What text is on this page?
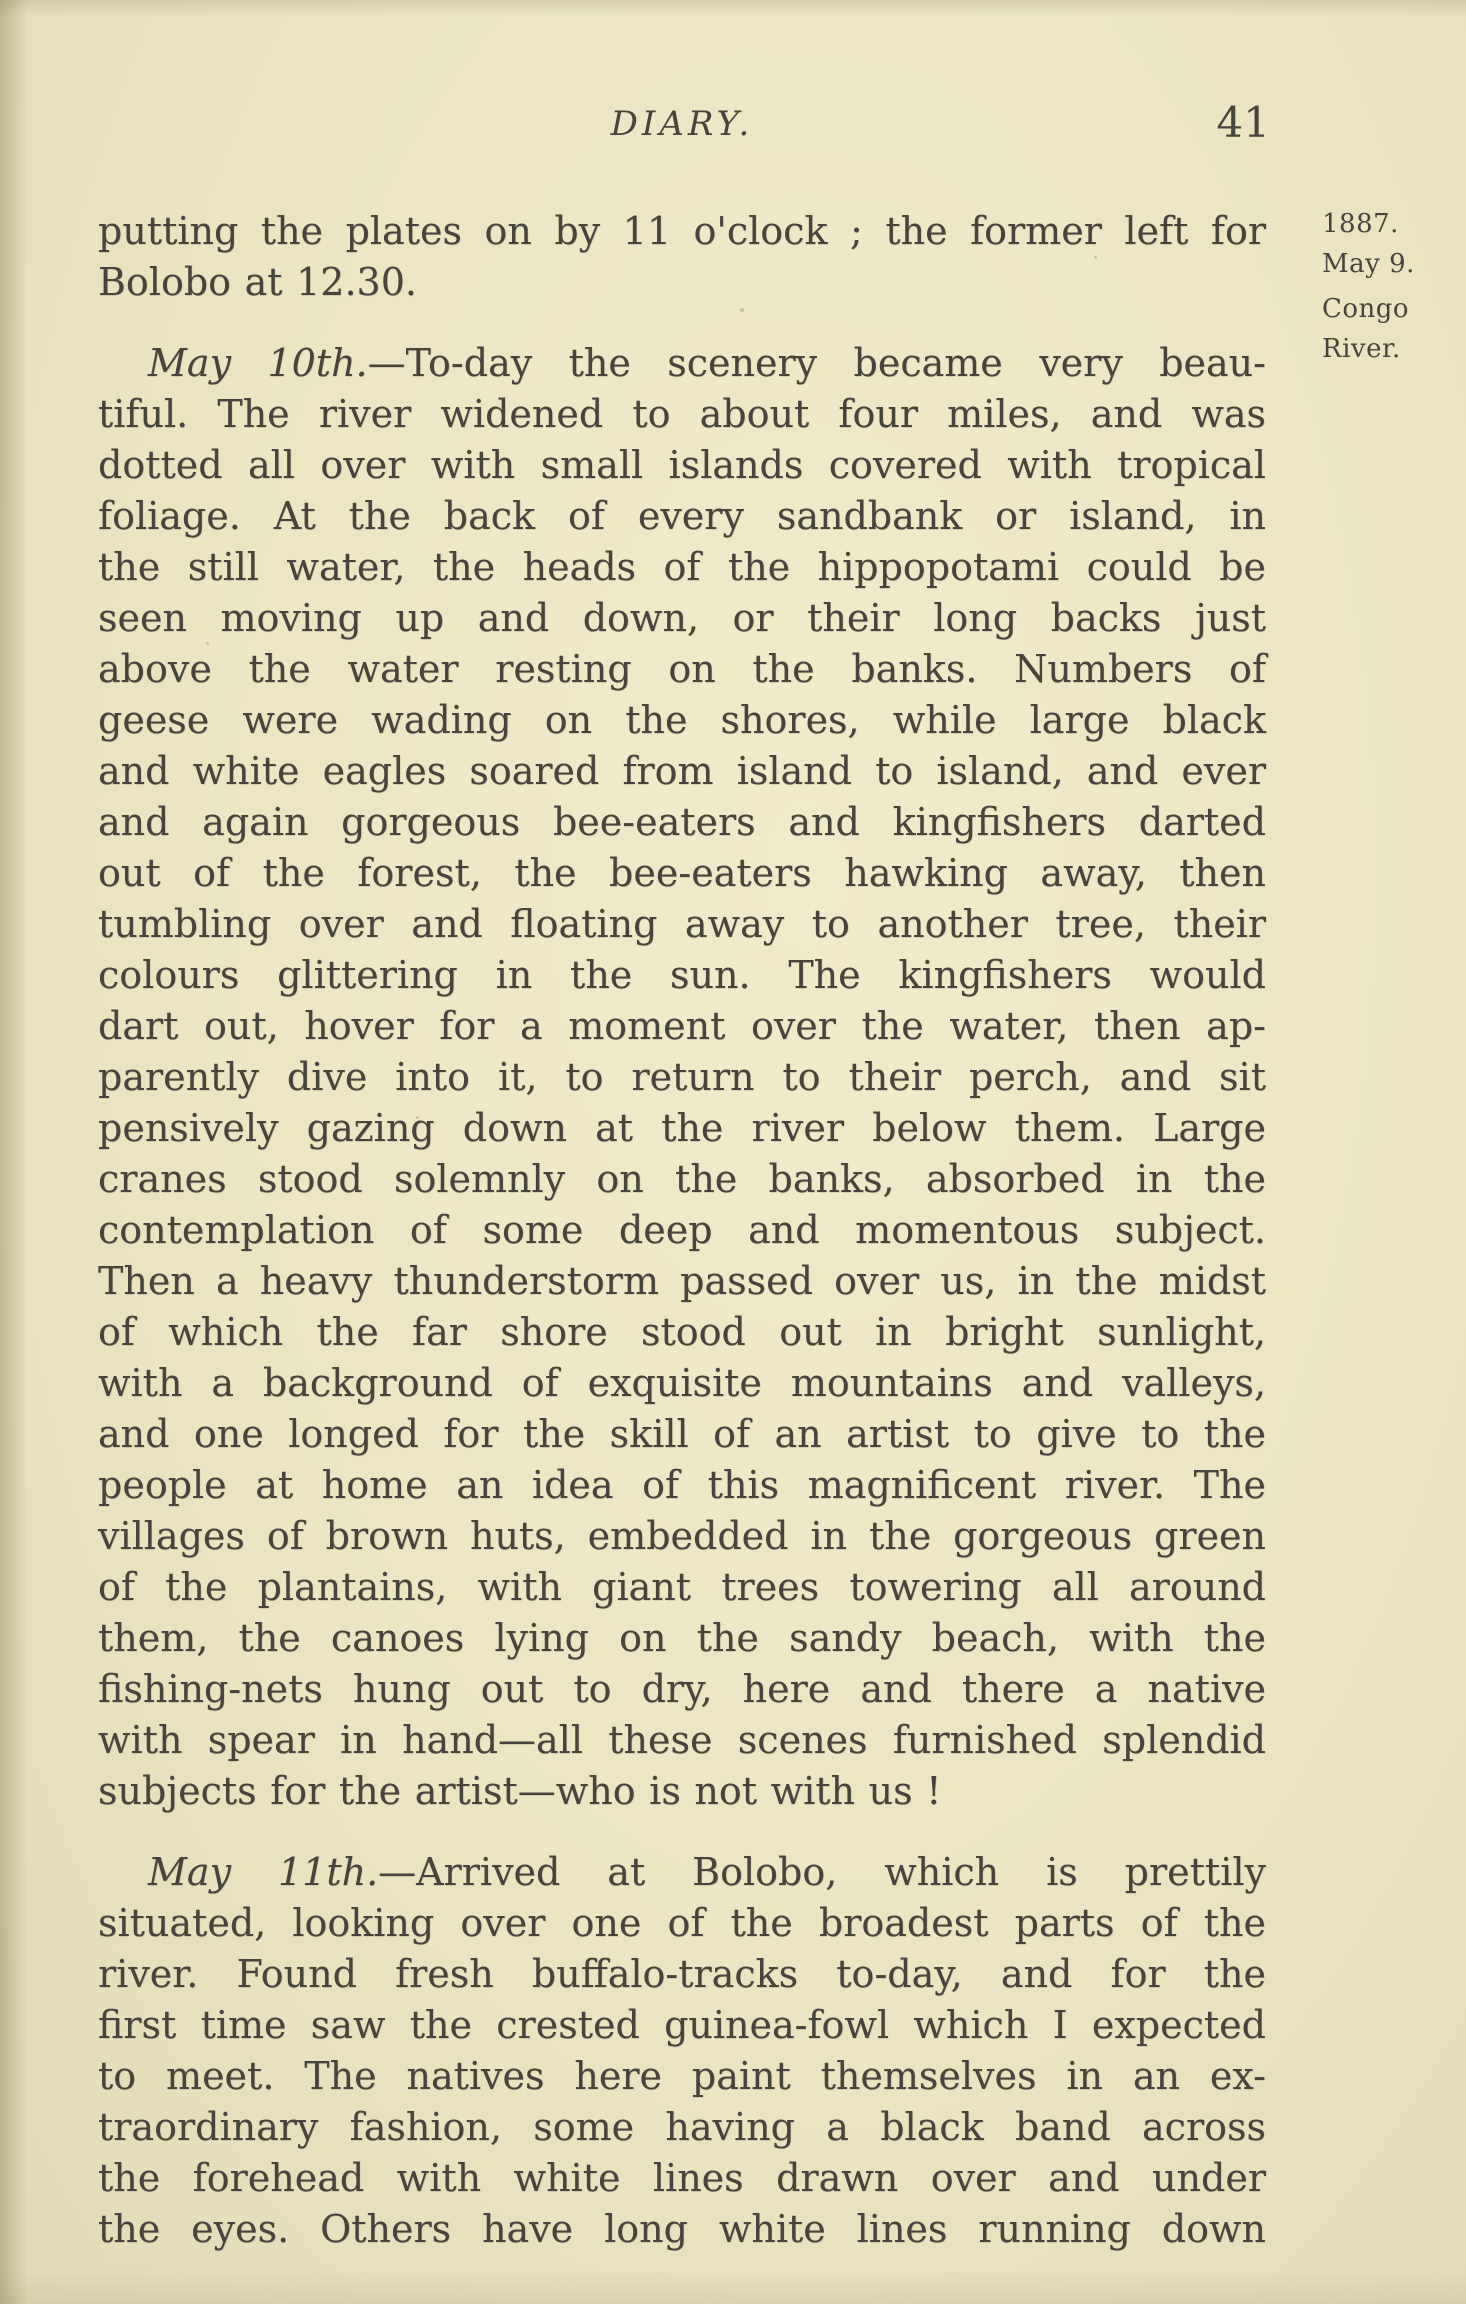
DIARY.	41
1887.
May 9.
Congo
River.
putting the plates on by 11 o'clock ; the former left for
Bolobo at 12.30.
May 10th.—To-day the scenery became very beau-
tiful. The river widened to about four miles, and was
dotted all over with small islands covered with tropical
foliage. At the back of every sandbank or island, in
the still water, the heads of the hippopotami could be
seen moving up and down, or their long backs just
above the water resting on the banks. Numbers of
geese were wading on the shores, while large black
and white eagles soared from island to island, and ever
and again gorgeous bee-eaters and kingfishers darted
out of the forest, the bee-eaters hawking away, then
tumbling over and floating away to another tree, their
colours glittering in the sun. The kingfishers would
dart out, hover for a moment over the water, then ap-
parently dive into it, to return to their perch, and sit
pensively gazing down at the river below them. Large
cranes stood solemnly on the banks, absorbed in the
contemplation of some deep and momentous subject.
Then a heavy thunderstorm passed over us, in the midst
of which the far shore stood out in bright sunlight,
with a background of exquisite mountains and valleys,
and one longed for the skill of an artist to give to the
people at home an idea of this magnificent river. The
villages of brown huts, embedded in the gorgeous green
of the plantains, with giant trees towering all around
them, the canoes lying on the sandy beach, with the
fishing-nets hung out to dry, here and there a native
with spear in hand—all these scenes furnished splendid
subjects for the artist—who is not with us !
May 11th.—Arrived at Bolobo, which is prettily
situated, looking over one of the broadest parts of the
river. Found fresh buffalo-tracks to-day, and for the
first time saw the crested guinea-fowl which I expected
to meet. The natives here paint themselves in an ex-
traordinary fashion, some having a black band across
the forehead with white lines drawn over and under
the eyes. Others have long white lines running down
